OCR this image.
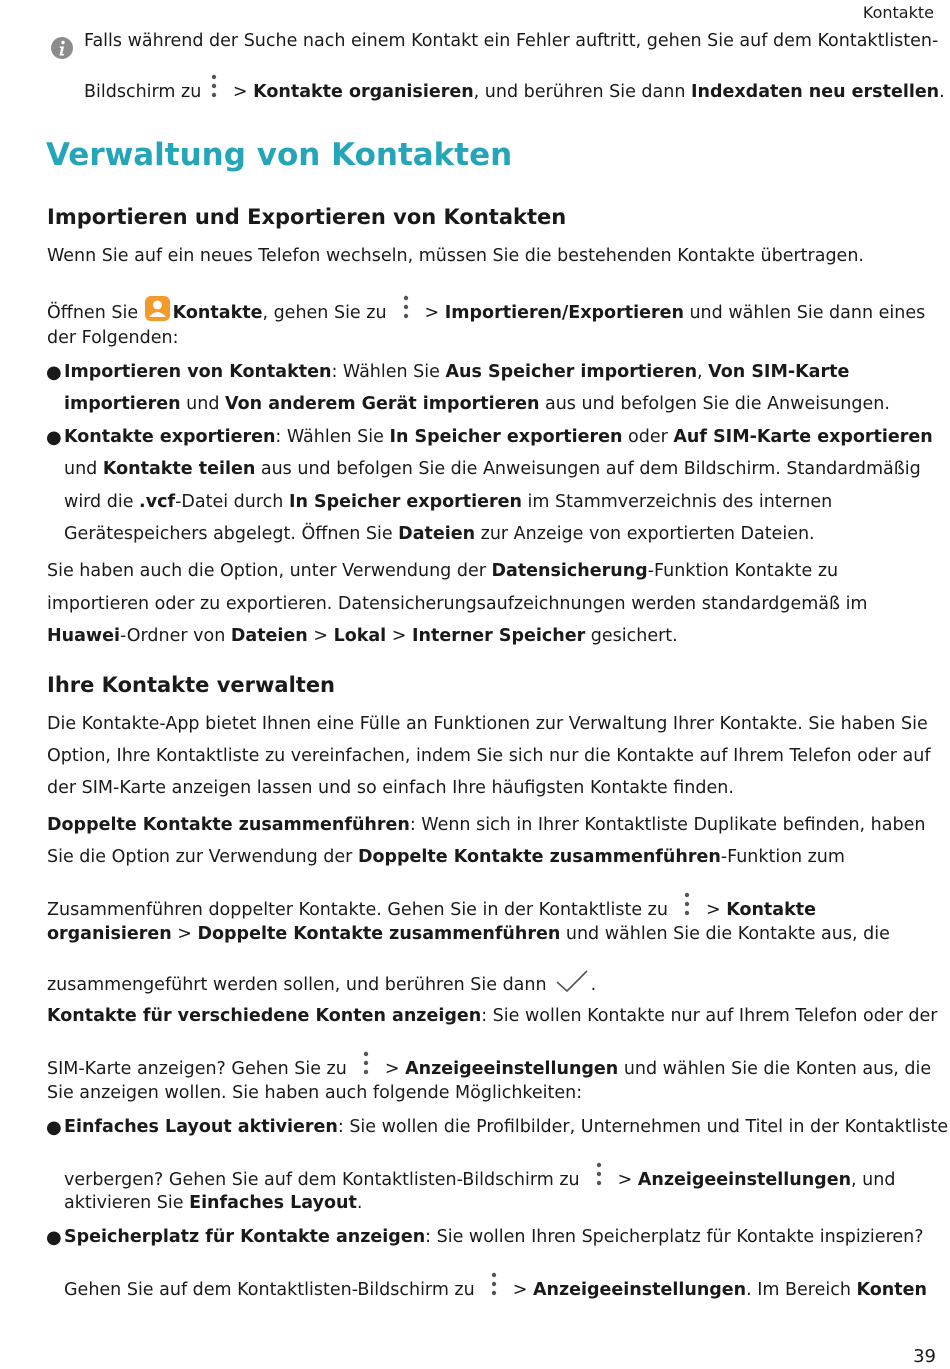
Kontakte
Falls während der Suche nach einem Kontakt ein Fehler auftritt, gehen Sie auf dem Kontaktlisten-
Bildschirm zu > Kontakte organisieren, und berühren Sie dann Indexdaten neu erstellen.
Verwaltung von Kontakten
Importieren und Exportieren von Kontakten
Wenn Sie auf ein neues Telefon wechseln, müssen Sie die bestehenden Kontakte übertragen.
Öffnen Sie Kontakte, gehen Sie zu > Importieren/Exportieren und wählen Sie dann eines
der Folgenden:
● Importieren von Kontakten: Wählen Sie Aus Speicher importieren, Von SIM-Karte
importieren und Von anderem Gerät importieren aus und befolgen Sie die Anweisungen.
● Kontakte exportieren: Wählen Sie In Speicher exportieren oder Auf SIM-Karte exportieren
und Kontakte teilen aus und befolgen Sie die Anweisungen auf dem Bildschirm. Standardmäßig
wird die .vcf-Datei durch In Speicher exportieren im Stammverzeichnis des internen
Gerätespeichers abgelegt. Öffnen Sie Dateien zur Anzeige von exportierten Dateien.
Sie haben auch die Option, unter Verwendung der Datensicherung-Funktion Kontakte zu
importieren oder zu exportieren. Datensicherungsaufzeichnungen werden standardgemäß im
Huawei-Ordner von Dateien > Lokal > Interner Speicher gesichert.
Ihre Kontakte verwalten
Die Kontakte-App bietet Ihnen eine Fülle an Funktionen zur Verwaltung Ihrer Kontakte. Sie haben Sie
Option, Ihre Kontaktliste zu vereinfachen, indem Sie sich nur die Kontakte auf Ihrem Telefon oder auf
der SIM-Karte anzeigen lassen und so einfach Ihre häufigsten Kontakte finden.
Doppelte Kontakte zusammenführen: Wenn sich in Ihrer Kontaktliste Duplikate befinden, haben
Sie die Option zur Verwendung der Doppelte Kontakte zusammenführen-Funktion zum
Zusammenführen doppelter Kontakte. Gehen Sie in der Kontaktliste zu > Kontakte
organisieren > Doppelte Kontakte zusammenführen und wählen Sie die Kontakte aus, die
zusammengeführt werden sollen, und berühren Sie dann	.
Kontakte für verschiedene Konten anzeigen: Sie wollen Kontakte nur auf Ihrem Telefon oder der
SIM-Karte anzeigen? Gehen Sie zu > Anzeigeeinstellungen und wählen Sie die Konten aus, die
Sie anzeigen wollen. Sie haben auch folgende Möglichkeiten:
● Einfaches Layout aktivieren: Sie wollen die Profilbilder, Unternehmen und Titel in der Kontaktliste
verbergen? Gehen Sie auf dem Kontaktlisten-Bildschirm zu > Anzeigeeinstellungen, und
aktivieren Sie Einfaches Layout.
● Speicherplatz für Kontakte anzeigen: Sie wollen Ihren Speicherplatz für Kontakte inspizieren?
Gehen Sie auf dem Kontaktlisten-Bildschirm zu > Anzeigeeinstellungen. Im Bereich Konten
39
